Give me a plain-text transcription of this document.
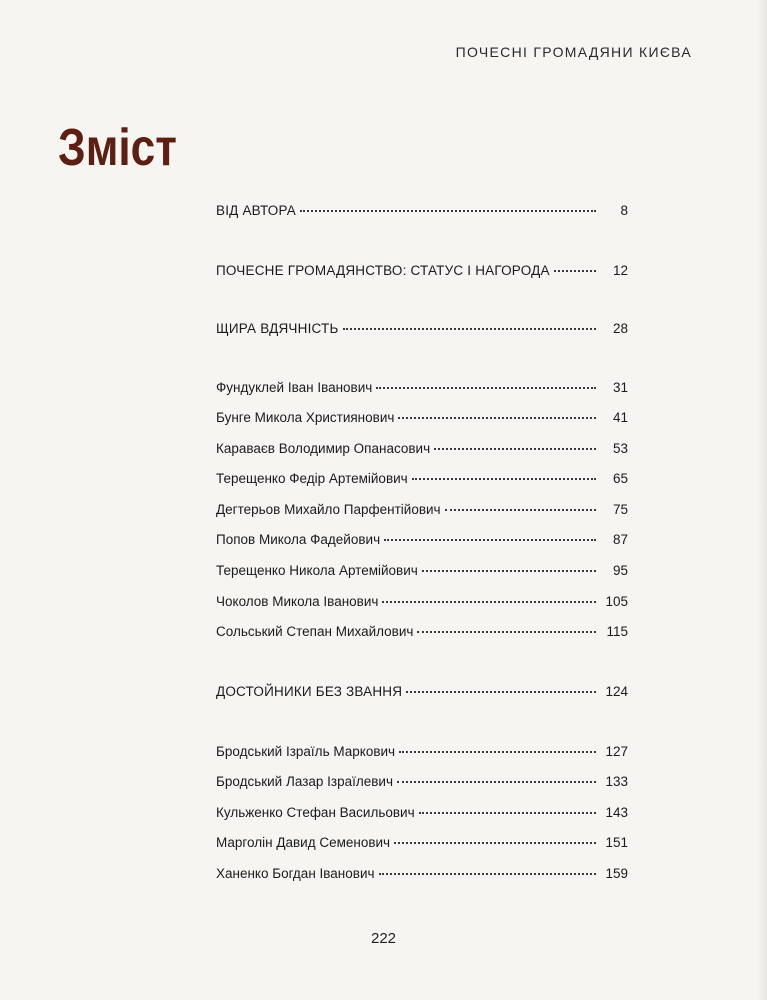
ПОЧЕСНІ ГРОМАДЯНИ КИЄВА
Зміст
ВІД АВТОРА	8
ПОЧЕСНЕ ГРОМАДЯНСТВО: СТАТУС І НАГОРОДА	12
ЩИРА ВДЯЧНІСТЬ	28
Фундуклей Іван Іванович	31
Бунге Микола Християнович	41
Караваєв Володимир Опанасович	53
Терещенко Федір Артемійович	65
Дегтерьов Михайло Парфентійович	75
Попов Микола Фадейович	87
Терещенко Никола Артемійович	95
Чоколов Микола Іванович	105
Сольський Степан Михайлович	115
ДОСТОЙНИКИ БЕЗ ЗВАННЯ	124
Бродський Ізраїль Маркович	127
Бродський Лазар Ізраїлевич	133
Кульженко Стефан Васильович	143
Марголін Давид Семенович	151
Ханенко Богдан Іванович	159
222
